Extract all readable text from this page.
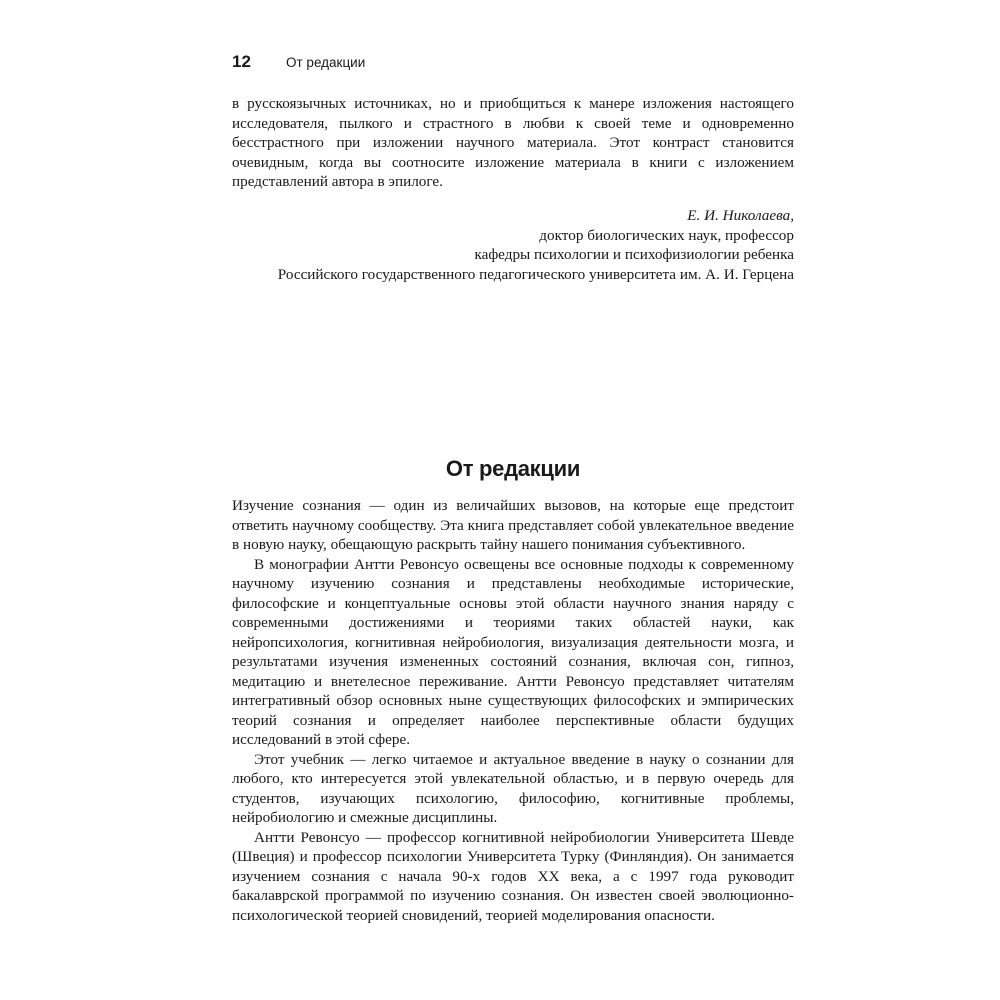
12	От редакции

в русскоязычных источниках, но и приобщиться к манере изложения настоящего исследователя, пылкого и страстного в любви к своей теме и одновременно бесстрастного при изложении научного материала. Этот контраст становится очевидным, когда вы соотносите изложение материала в книги с изложением представлений автора в эпилоге.

Е. И. Николаева,
доктор биологических наук, профессор
кафедры психологии и психофизиологии ребенка
Российского государственного педагогического университета им. А. И. Герцена
От редакции

Изучение сознания — один из величайших вызовов, на которые еще предстоит ответить научному сообществу. Эта книга представляет собой увлекательное введение в новую науку, обещающую раскрыть тайну нашего понимания субъективного.

В монографии Антти Ревонсуо освещены все основные подходы к современному научному изучению сознания и представлены необходимые исторические, философские и концептуальные основы этой области научного знания наряду с современными достижениями и теориями таких областей науки, как нейропсихология, когнитивная нейробиология, визуализация деятельности мозга, и результатами изучения измененных состояний сознания, включая сон, гипноз, медитацию и внетелесное переживание. Антти Ревонсуо представляет читателям интегративный обзор основных ныне существующих философских и эмпирических теорий сознания и определяет наиболее перспективные области будущих исследований в этой сфере.

Этот учебник — легко читаемое и актуальное введение в науку о сознании для любого, кто интересуется этой увлекательной областью, и в первую очередь для студентов, изучающих психологию, философию, когнитивные проблемы, нейробиологию и смежные дисциплины.

Антти Ревонсуо — профессор когнитивной нейробиологии Университета Шевде (Швеция) и профессор психологии Университета Турку (Финляндия). Он занимается изучением сознания с начала 90-х годов XX века, а с 1997 года руководит бакалаврской программой по изучению сознания. Он известен своей эволюционно-психологической теорией сновидений, теорией моделирования опасности.
